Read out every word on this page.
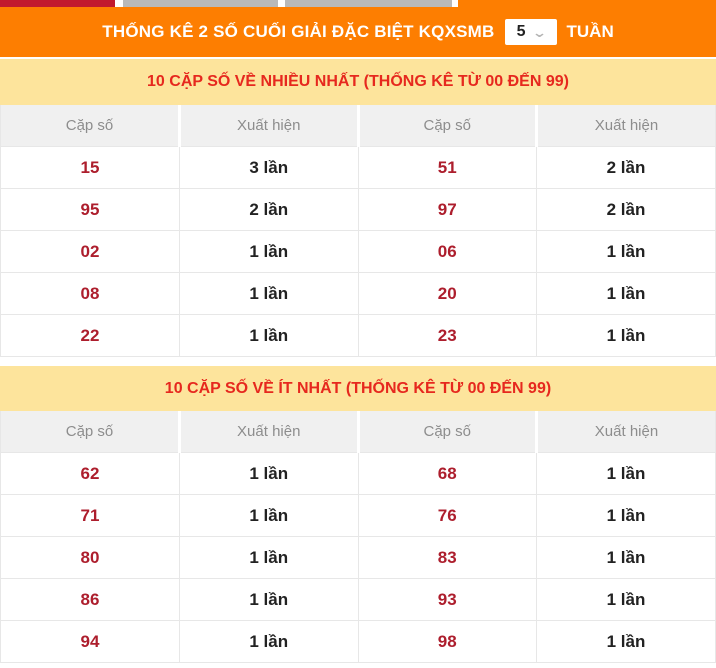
THỐNG KÊ 2 SỐ CUỐI GIẢI ĐẶC BIỆT KQXSMB 5 ⌄ TUẦN
10 CẶP SỐ VỀ NHIỀU NHẤT (THỐNG KÊ TỪ 00 ĐẾN 99)
Cặp số	Xuất hiện	Cặp số	Xuất hiện
15	3 lần	51	2 lần
95	2 lần	97	2 lần
02	1 lần	06	1 lần
08	1 lần	20	1 lần
22	1 lần	23	1 lần
10 CẶP SỐ VỀ ÍT NHẤT (THỐNG KÊ TỪ 00 ĐẾN 99)
Cặp số	Xuất hiện	Cặp số	Xuất hiện
62	1 lần	68	1 lần
71	1 lần	76	1 lần
80	1 lần	83	1 lần
86	1 lần	93	1 lần
94	1 lần	98	1 lần
